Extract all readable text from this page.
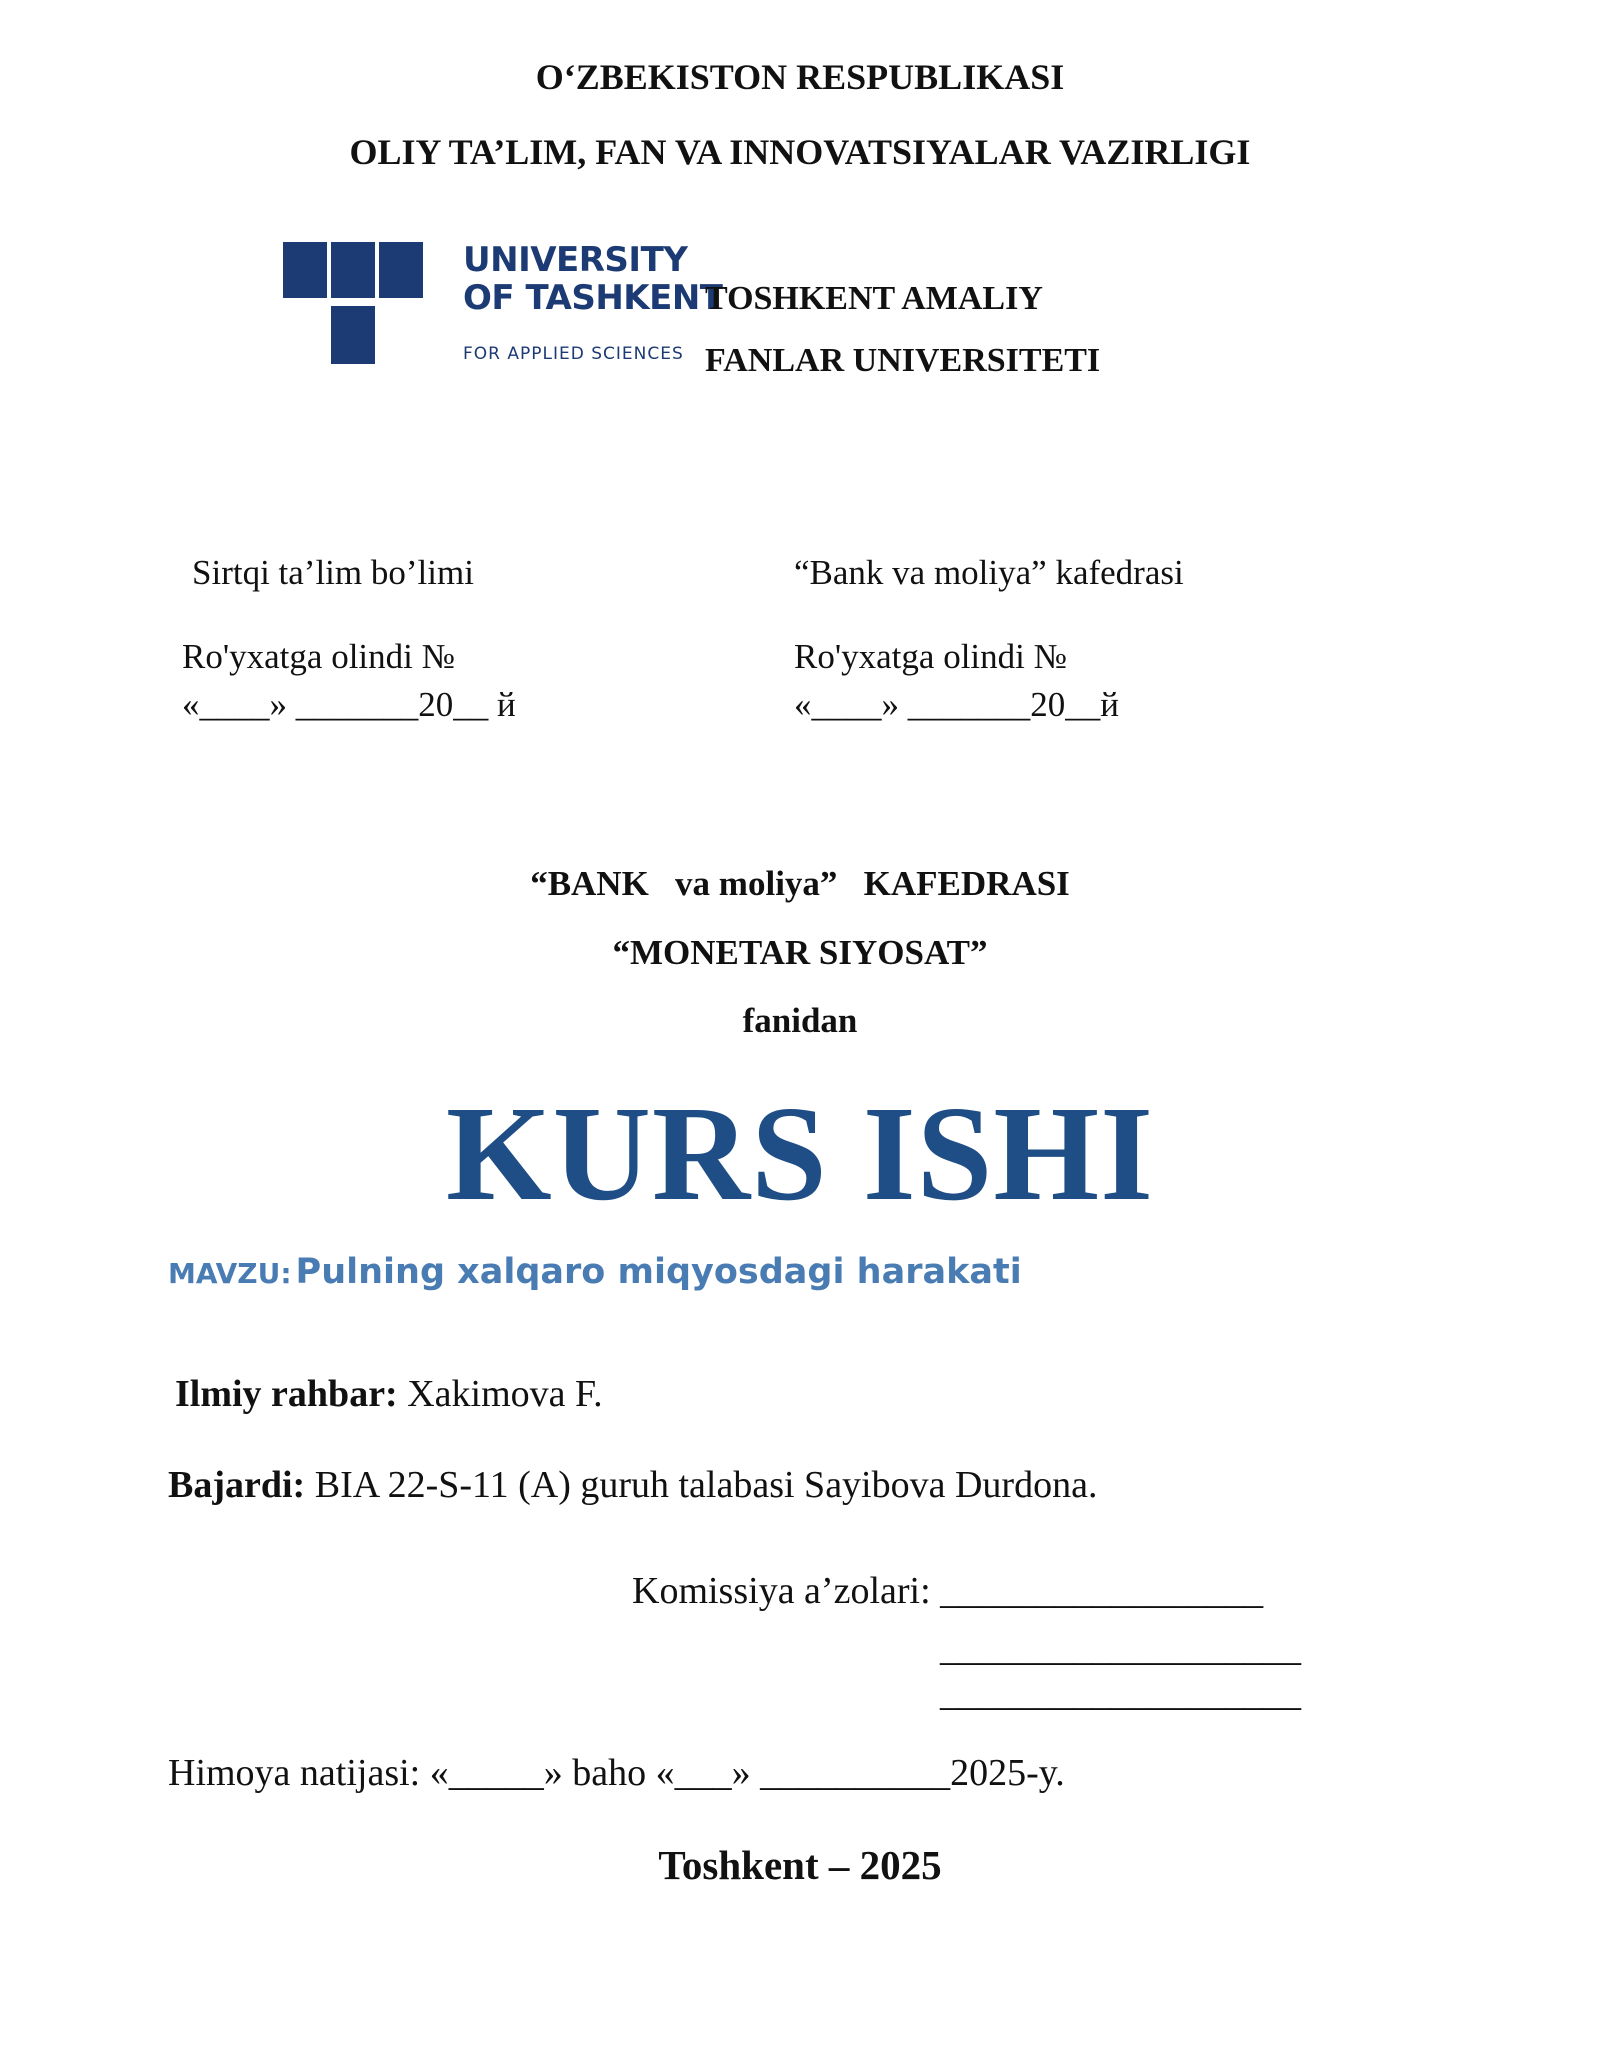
O‘ZBEKISTON RESPUBLIKASI
OLIY TA’LIM, FAN VA INNOVATSIYALAR VAZIRLIGI
UNIVERSITY
OF TASHKENT
FOR APPLIED SCIENCES
TOSHKENT AMALIY
FANLAR UNIVERSITETI
Sirtqi ta’lim bo’limi
Ro'yxatga olindi №
«____» _______20__ й
“Bank va moliya” kafedrasi
Ro'yxatga olindi №
«____» _______20__й
“BANK   va moliya”   KAFEDRASI
“MONETAR SIYOSAT”
fanidan
KURS ISHI
MAVZU: Pulning xalqaro miqyosdagi harakati
Ilmiy rahbar: Xakimova F.
Bajardi: BIA 22-S-11 (A) guruh talabasi Sayibova Durdona.
Komissiya a’zolari: _________________
___________________
___________________
Himoya natijasi: «_____» baho «___» __________2025-y.
Toshkent – 2025
